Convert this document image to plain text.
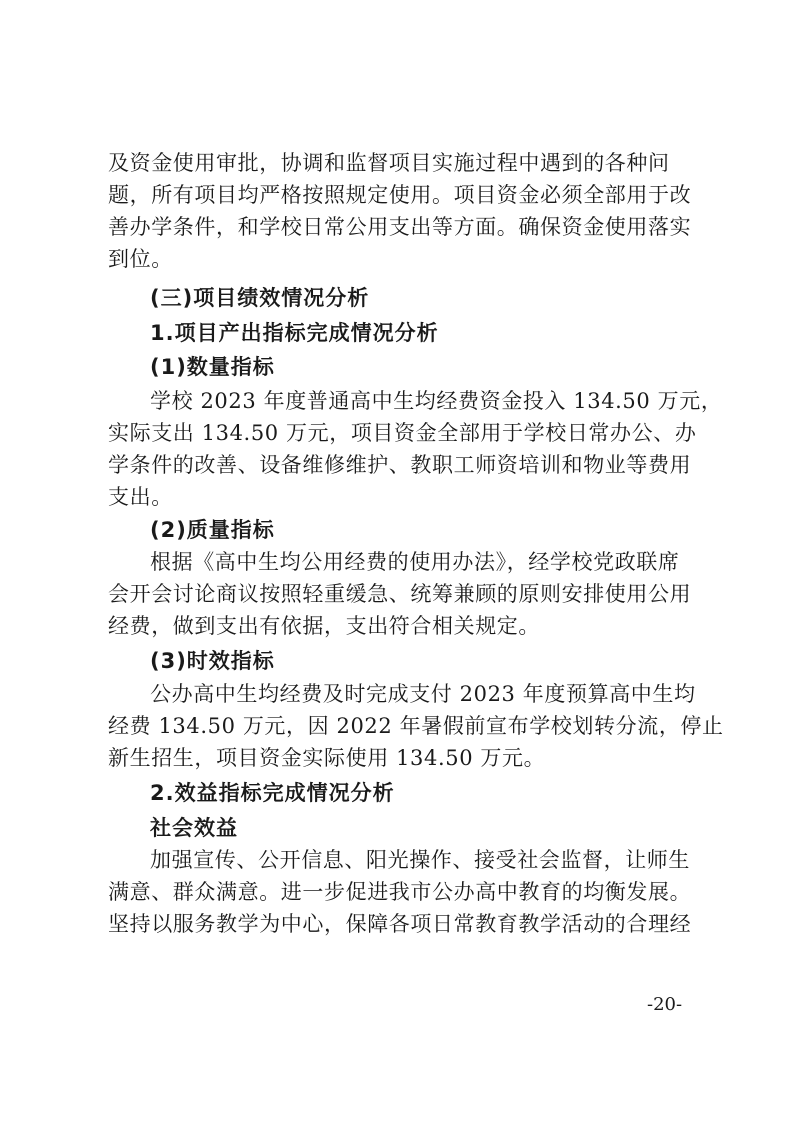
及资金使用审批，协调和监督项目实施过程中遇到的各种问
题，所有项目均严格按照规定使用。项目资金必须全部用于改
善办学条件，和学校日常公用支出等方面。确保资金使用落实
到位。
(三)项目绩效情况分析
1.项目产出指标完成情况分析
(1)数量指标
学校 2023 年度普通高中生均经费资金投入 134.50 万元，
实际支出 134.50 万元，项目资金全部用于学校日常办公、办
学条件的改善、设备维修维护、教职工师资培训和物业等费用
支出。
(2)质量指标
根据《高中生均公用经费的使用办法》，经学校党政联席
会开会讨论商议按照轻重缓急、统筹兼顾的原则安排使用公用
经费，做到支出有依据，支出符合相关规定。
(3)时效指标
公办高中生均经费及时完成支付 2023 年度预算高中生均
经费 134.50 万元，因 2022 年暑假前宣布学校划转分流，停止
新生招生，项目资金实际使用 134.50 万元。
2.效益指标完成情况分析
社会效益
加强宣传、公开信息、阳光操作、接受社会监督，让师生
满意、群众满意。进一步促进我市公办高中教育的均衡发展。
坚持以服务教学为中心，保障各项日常教育教学活动的合理经
-20-
